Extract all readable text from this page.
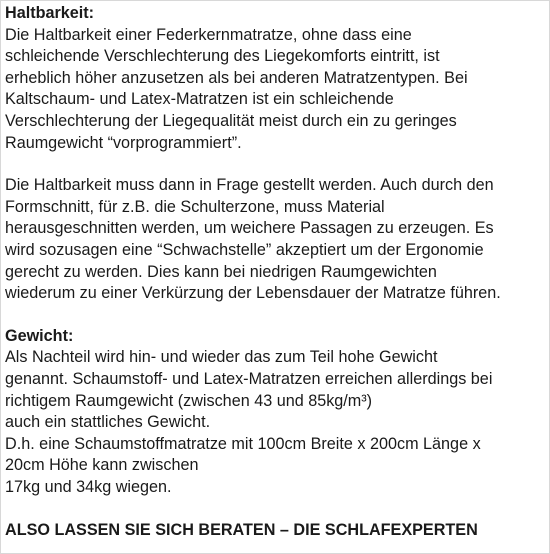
Haltbarkeit:

Die Haltbarkeit einer Federkernmatratze, ohne dass eine
schleichende Verschlechterung des Liegekomforts eintritt, ist
erheblich höher anzusetzen als bei anderen Matratzentypen. Bei
Kaltschaum- und Latex-Matratzen ist ein schleichende
Verschlechterung der Liegequalität meist durch ein zu geringes
Raumgewicht “vorprogrammiert”.

Die Haltbarkeit muss dann in Frage gestellt werden. Auch durch den
Formschnitt, für z.B. die Schulterzone, muss Material
herausgeschnitten werden, um weichere Passagen zu erzeugen. Es
wird sozusagen eine “Schwachstelle” akzeptiert um der Ergonomie
gerecht zu werden. Dies kann bei niedrigen Raumgewichten
wiederum zu einer Verkürzung der Lebensdauer der Matratze führen.

Gewicht:

Als Nachteil wird hin- und wieder das zum Teil hohe Gewicht
genannt. Schaumstoff- und Latex-Matratzen erreichen allerdings bei
richtigem Raumgewicht (zwischen 43 und 85kg/m³)
auch ein stattliches Gewicht.
D.h. eine Schaumstoffmatratze mit 100cm Breite x 200cm Länge x
20cm Höhe kann zwischen
17kg und 34kg wiegen.

ALSO LASSEN SIE SICH BERATEN – DIE SCHLAFEXPERTEN
